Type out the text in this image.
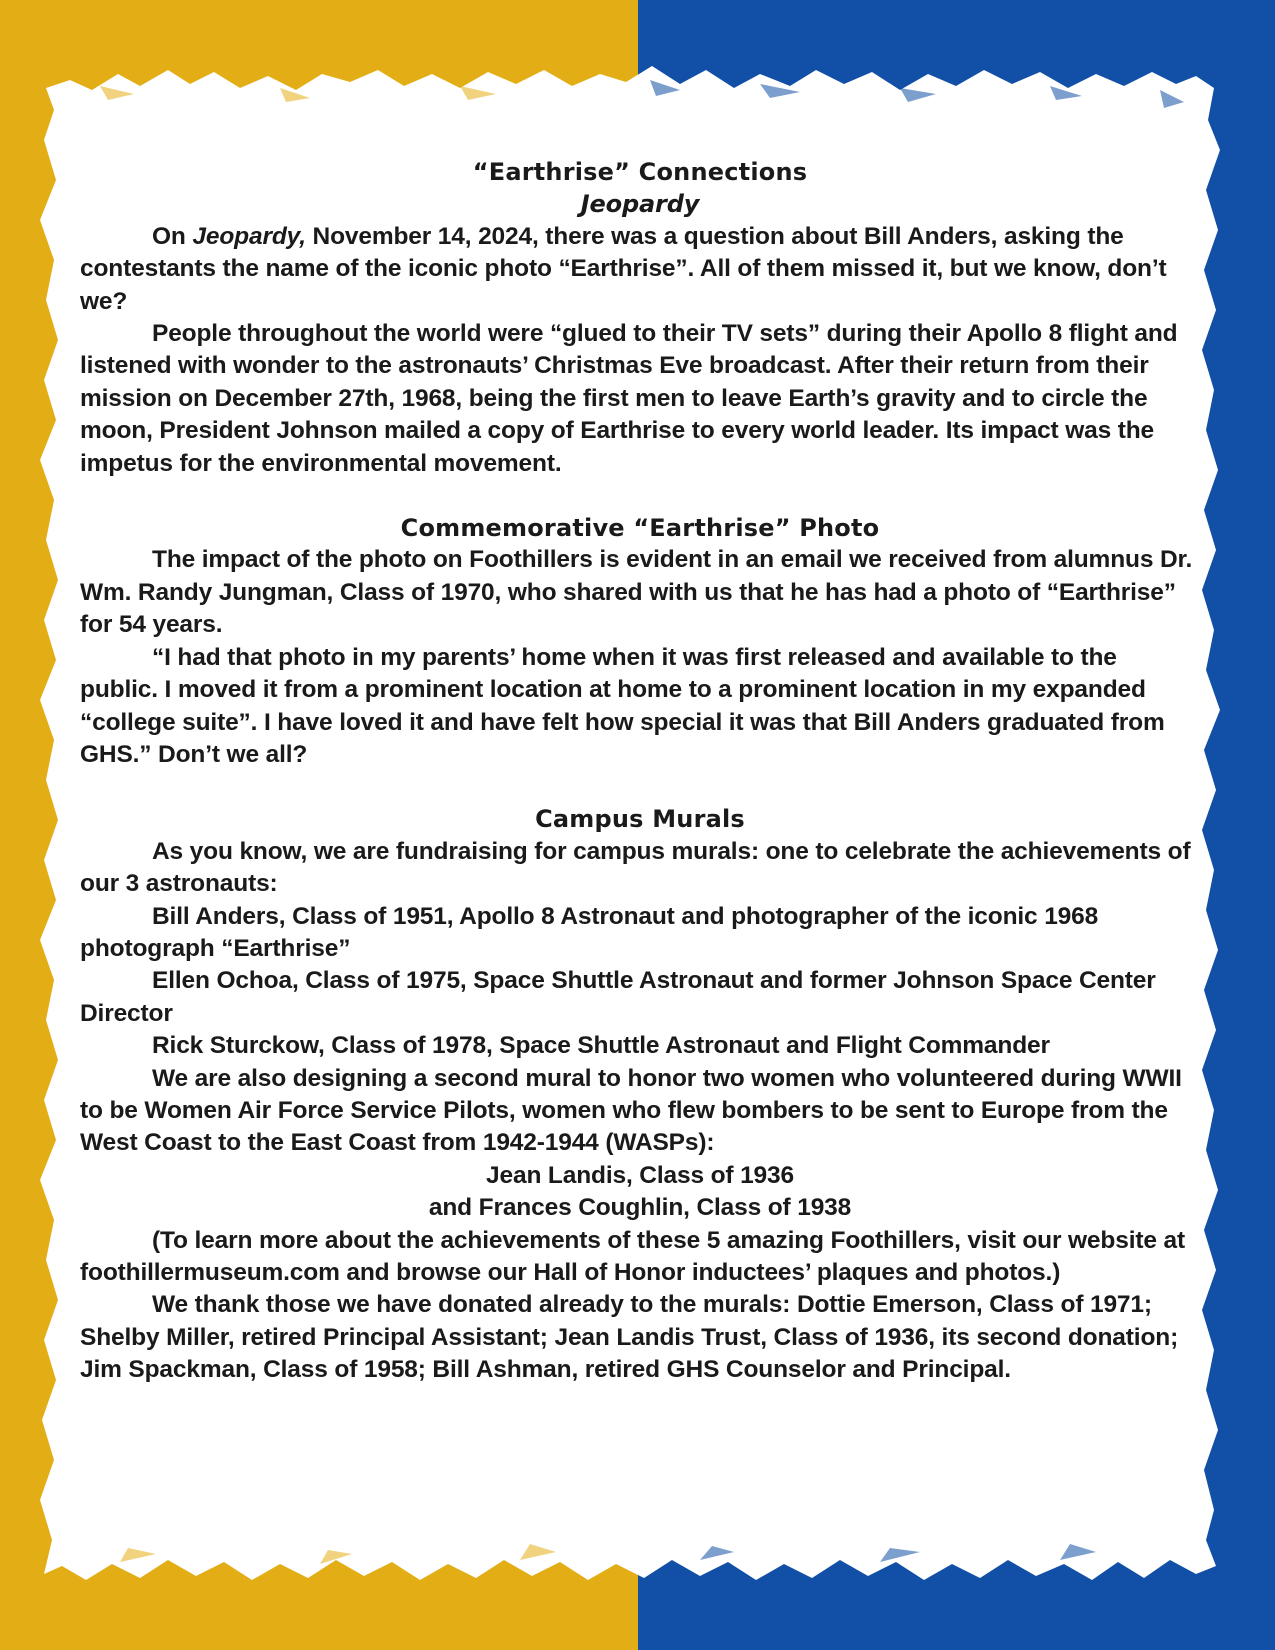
“Earthrise” Connections

Jeopardy

On Jeopardy, November 14, 2024, there was a question about Bill Anders, asking the contestants the name of the iconic photo “Earthrise”. All of them missed it, but we know, don’t we?

People throughout the world were “glued to their TV sets” during their Apollo 8 flight and listened with wonder to the astronauts’ Christmas Eve broadcast. After their return from their mission on December 27th, 1968, being the first men to leave Earth’s gravity and to circle the moon, President Johnson mailed a copy of Earthrise to every world leader. Its impact was the impetus for the environmental movement.

Commemorative “Earthrise” Photo

The impact of the photo on Foothillers is evident in an email we received from alumnus Dr. Wm. Randy Jungman, Class of 1970, who shared with us that he has had a photo of “Earthrise” for 54 years.

“I had that photo in my parents’ home when it was first released and available to the public. I moved it from a prominent location at home to a prominent location in my expanded “college suite”. I have loved it and have felt how special it was that Bill Anders graduated from GHS.” Don’t we all?

Campus Murals

As you know, we are fundraising for campus murals: one to celebrate the achievements of our 3 astronauts:

Bill Anders, Class of 1951, Apollo 8 Astronaut and photographer of the iconic 1968 photograph “Earthrise”

Ellen Ochoa, Class of 1975, Space Shuttle Astronaut and former Johnson Space Center Director

Rick Sturckow, Class of 1978, Space Shuttle Astronaut and Flight Commander

We are also designing a second mural to honor two women who volunteered during WWII to be Women Air Force Service Pilots, women who flew bombers to be sent to Europe from the West Coast to the East Coast from 1942-1944 (WASPs):

Jean Landis, Class of 1936

and Frances Coughlin, Class of 1938

(To learn more about the achievements of these 5 amazing Foothillers, visit our website at foothillermuseum.com and browse our Hall of Honor inductees’ plaques and photos.)

We thank those we have donated already to the murals: Dottie Emerson, Class of 1971; Shelby Miller, retired Principal Assistant; Jean Landis Trust, Class of 1936, its second donation; Jim Spackman, Class of 1958; Bill Ashman, retired GHS Counselor and Principal.
